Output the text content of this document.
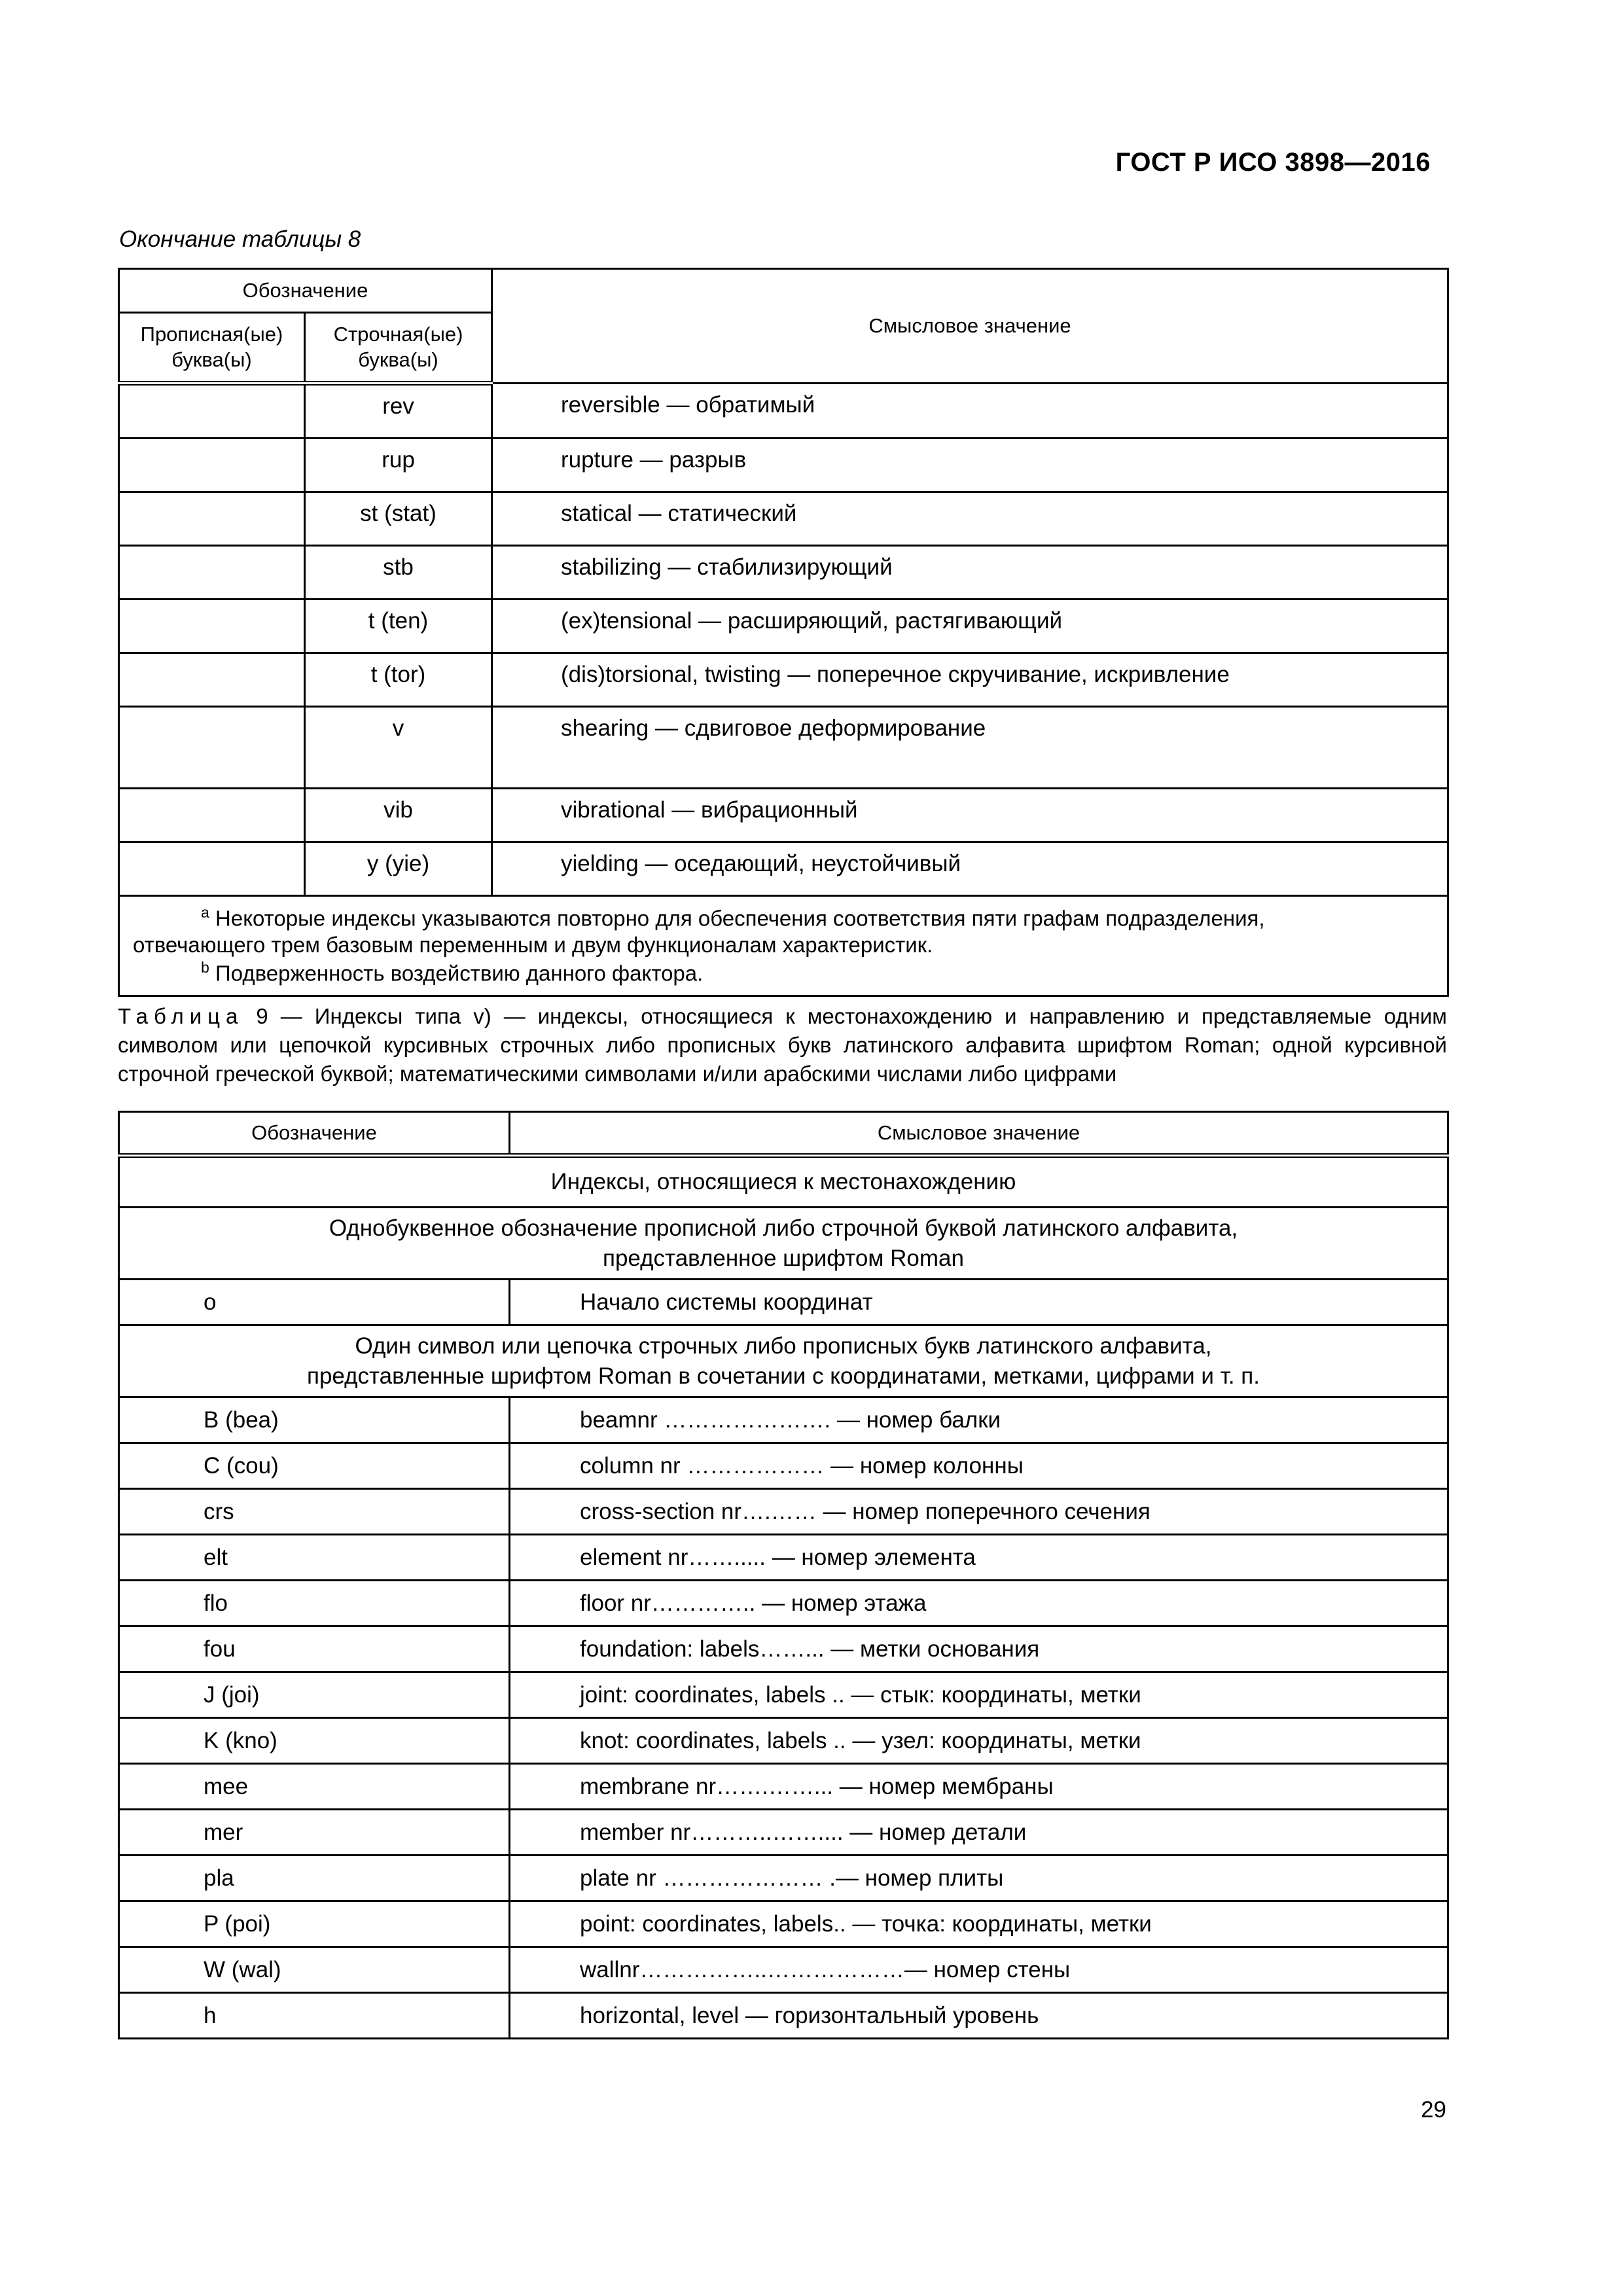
ГОСТ Р ИСО 3898—2016
Окончание таблицы 8
Обозначение		Смысловое значение
Прописная(ые) буква(ы)	Строчная(ые) буква(ы)	
	rev	reversible — обратимый
	rup	rupture — разрыв
	st (stat)	statical — статический
	stb	stabilizing — стабилизирующий
	t (ten)	(ex)tensional — расширяющий, растягивающий
	t (tor)	(dis)torsional, twisting — поперечное скручивание, искривление
	v	shearing — сдвиговое деформирование
	vib	vibrational — вибрационный
	y (yie)	yielding — оседающий, неустойчивый

$^a$ Некоторые индексы указываются повторно для обеспечения соответствия пяти графам подразделения,
отвечающего трем базовым переменным и двум функционалам характеристик.
$^b$ Подверженность воздействию данного фактора.		
Таблица 9 — Индексы типа v) — индексы, относящиеся к местонахождению и направлению и представляемые одним символом или цепочкой курсивных строчных либо прописных букв латинского алфавита шрифтом Roman; одной курсивной строчной греческой буквой; математическими символами и/или арабскими числами либо цифрами
Обозначение	Смысловое значение
Индексы, относящиеся к местонахождению	
Однобуквенное обозначение прописной либо строчной буквой латинского алфавита,
представленное шрифтом Roman	
o	Начало системы координат
Один символ или цепочка строчных либо прописных букв латинского алфавита,
представленные шрифтом Roman в сочетании с координатами, метками, цифрами и т. п.	
B (bea)	beamnr …………………. — номер балки
C (cou)	column nr ……………… — номер колонны
crs	cross-section nr….…… — номер поперечного сечения
elt	element nr……..... — номер элемента
flo	floor nr………….. — номер этажа
fou	foundation: labels……... — метки основания
J (joi)	joint: coordinates, labels .. — стык: координаты, метки
K (kno)	knot: coordinates, labels .. — узел: координаты, метки
mee	membrane nr…….……... — номер мембраны
mer	member nr………..…….... — номер детали
pla	plate nr ………………… .— номер плиты
P (poi)	point: coordinates, labels.. — точка: координаты, метки
W (wal)	wallnr……………..………………— номер стены
h	horizontal, level — горизонтальный уровень
29
